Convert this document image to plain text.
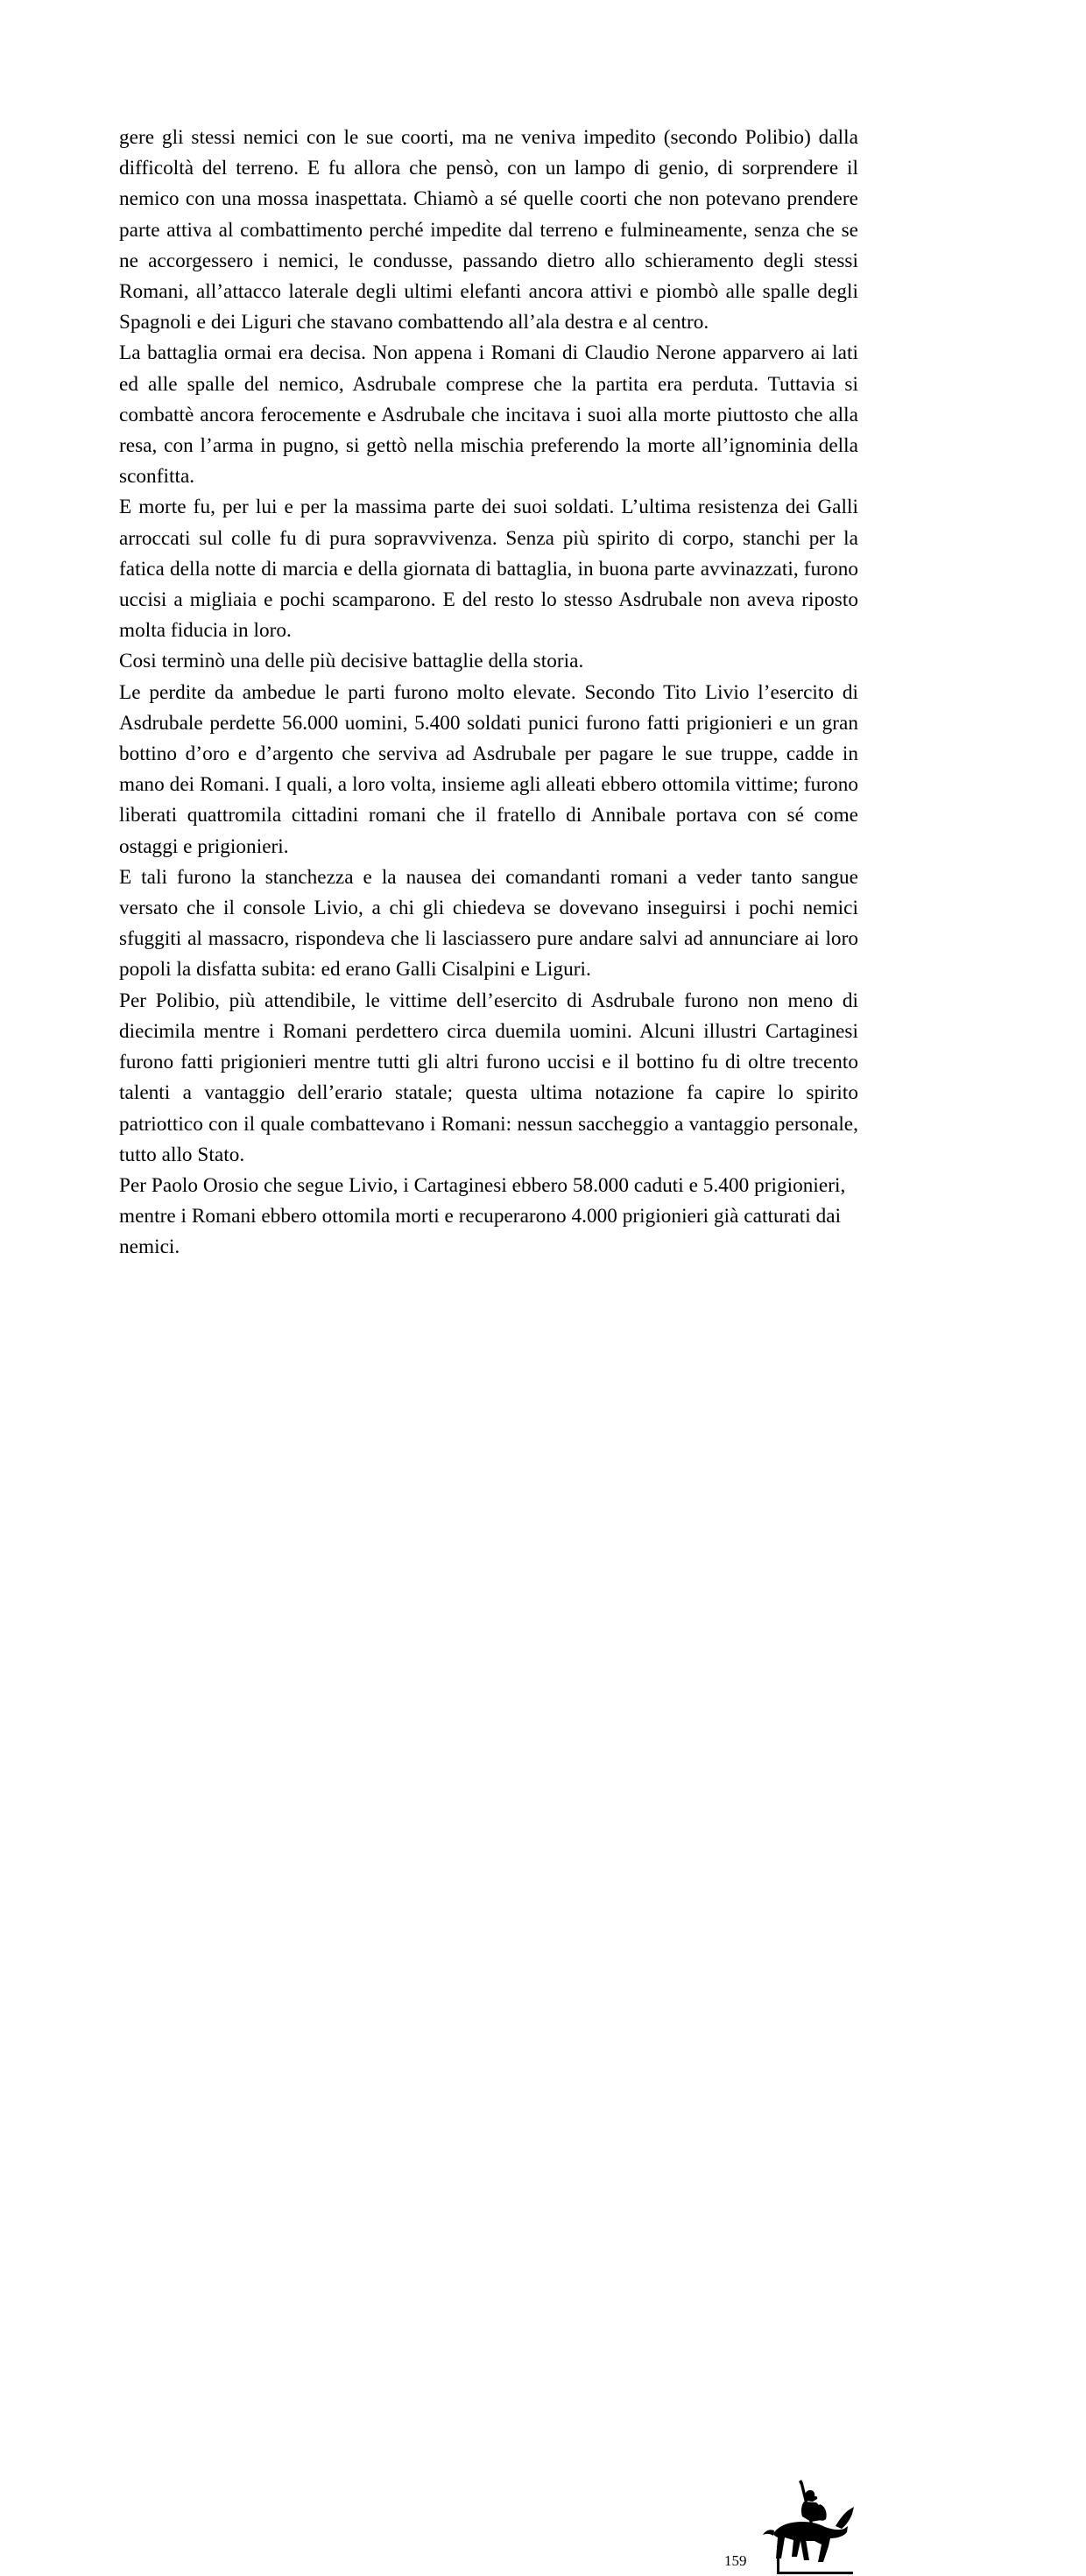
gere gli stessi nemici con le sue coorti, ma ne veniva impedito (secondo Polibio) dalla difficoltà del terreno. E fu allora che pensò, con un lampo di genio, di sorprendere il nemico con una mossa inaspettata. Chiamò a sé quelle coorti che non potevano prendere parte attiva al combattimento perché impedite dal terreno e fulmineamente, senza che se ne accorgessero i nemici, le condusse, passando dietro allo schieramento degli stessi Romani, all’attacco laterale degli ultimi elefanti ancora attivi e piombò alle spalle degli Spagnoli e dei Liguri che stavano combattendo all’ala destra e al centro.

La battaglia ormai era decisa. Non appena i Romani di Claudio Nerone apparvero ai lati ed alle spalle del nemico, Asdrubale comprese che la partita era perduta. Tuttavia si combattè ancora ferocemente e Asdrubale che incitava i suoi alla morte piuttosto che alla resa, con l’arma in pugno, si gettò nella mischia preferendo la morte all’ignominia della sconfitta.

E morte fu, per lui e per la massima parte dei suoi soldati. L’ultima resistenza dei Galli arroccati sul colle fu di pura sopravvivenza. Senza più spirito di corpo, stanchi per la fatica della notte di marcia e della giornata di battaglia, in buona parte avvinazzati, furono uccisi a migliaia e pochi scamparono. E del resto lo stesso Asdrubale non aveva riposto molta fiducia in loro.

Cosi terminò una delle più decisive battaglie della storia.

Le perdite da ambedue le parti furono molto elevate. Secondo Tito Livio l’esercito di Asdrubale perdette 56.000 uomini, 5.400 soldati punici furono fatti prigionieri e un gran bottino d’oro e d’argento che serviva ad Asdrubale per pagare le sue truppe, cadde in mano dei Romani. I quali, a loro volta, insieme agli alleati ebbero ottomila vittime; furono liberati quattromila cittadini romani che il fratello di Annibale portava con sé come ostaggi e prigionieri.

E tali furono la stanchezza e la nausea dei comandanti romani a veder tanto sangue versato che il console Livio, a chi gli chiedeva se dovevano inseguirsi i pochi nemici sfuggiti al massacro, rispondeva che li lasciassero pure andare salvi ad annunciare ai loro popoli la disfatta subita: ed erano Galli Cisalpini e Liguri.

Per Polibio, più attendibile, le vittime dell’esercito di Asdrubale furono non meno di diecimila mentre i Romani perdettero circa duemila uomini. Alcuni illustri Cartaginesi furono fatti prigionieri mentre tutti gli altri furono uccisi e il bottino fu di oltre trecento talenti a vantaggio dell’erario statale; questa ultima notazione fa capire lo spirito patriottico con il quale combattevano i Romani: nessun saccheggio a vantaggio personale, tutto allo Stato.

Per Paolo Orosio che segue Livio, i Cartaginesi ebbero 58.000 caduti e 5.400 prigionieri, mentre i Romani ebbero ottomila morti e recuperarono 4.000 prigionieri già catturati dai nemici.

159
